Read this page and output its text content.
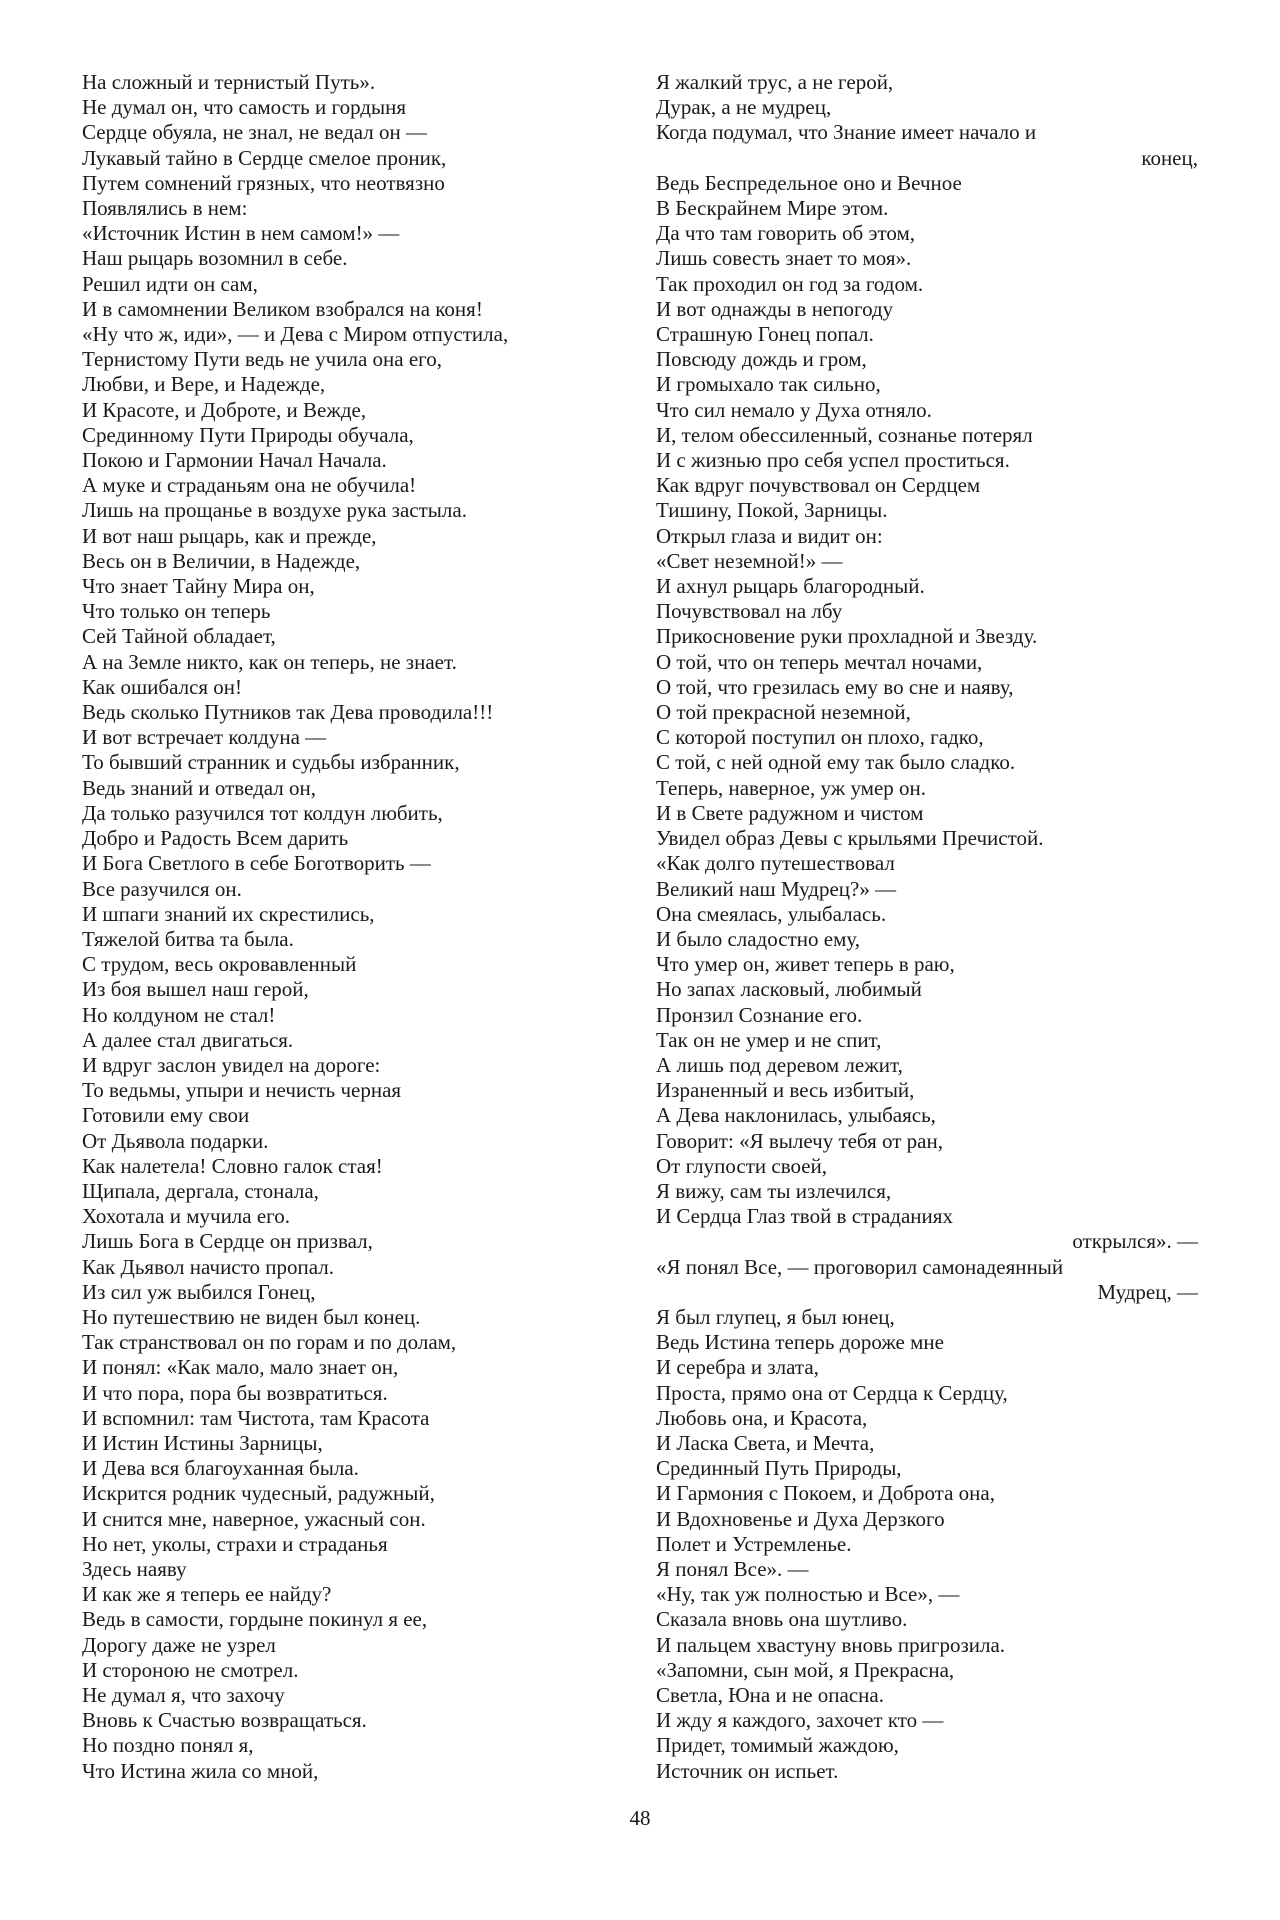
На сложный и тернистый Путь».
Не думал он, что самость и гордыня
Сердце обуяла, не знал, не ведал он —
Лукавый тайно в Сердце смелое проник,
Путем сомнений грязных, что неотвязно
Появлялись в нем:
«Источник Истин в нем самом!» —
Наш рыцарь возомнил в себе.
Решил идти он сам,
И в самомнении Великом взобрался на коня!
«Ну что ж, иди», — и Дева с Миром отпустила,
Тернистому Пути ведь не учила она его,
Любви, и Вере, и Надежде,
И Красоте, и Доброте, и Вежде,
Срединному Пути Природы обучала,
Покою и Гармонии Начал Начала.
А муке и страданьям она не обучила!
Лишь на прощанье в воздухе рука застыла.
И вот наш рыцарь, как и прежде,
Весь он в Величии, в Надежде,
Что знает Тайну Мира он,
Что только он теперь
Сей Тайной обладает,
А на Земле никто, как он теперь, не знает.
Как ошибался он!
Ведь сколько Путников так Дева проводила!!!
И вот встречает колдуна —
То бывший странник и судьбы избранник,
Ведь знаний и отведал он,
Да только разучился тот колдун любить,
Добро и Радость Всем дарить
И Бога Светлого в себе Боготворить —
Все разучился он.
И шпаги знаний их скрестились,
Тяжелой битва та была.
С трудом, весь окровавленный
Из боя вышел наш герой,
Но колдуном не стал!
А далее стал двигаться.
И вдруг заслон увидел на дороге:
То ведьмы, упыри и нечисть черная
Готовили ему свои
От Дьявола подарки.
Как налетела! Словно галок стая!
Щипала, дергала, стонала,
Хохотала и мучила его.
Лишь Бога в Сердце он призвал,
Как Дьявол начисто пропал.
Из сил уж выбился Гонец,
Но путешествию не виден был конец.
Так странствовал он по горам и по долам,
И понял: «Как мало, мало знает он,
И что пора, пора бы возвратиться.
И вспомнил: там Чистота, там Красота
И Истин Истины Зарницы,
И Дева вся благоуханная была.
Искрится родник чудесный, радужный,
И снится мне, наверное, ужасный сон.
Но нет, уколы, страхи и страданья
Здесь наяву
И как же я теперь ее найду?
Ведь в самости, гордыне покинул я ее,
Дорогу даже не узрел
И стороною не смотрел.
Не думал я, что захочу
Вновь к Счастью возвращаться.
Но поздно понял я,
Что Истина жила со мной,
Я жалкий трус, а не герой,
Дурак, а не мудрец,
Когда подумал, что Знание имеет начало и
конец,
Ведь Беспредельное оно и Вечное
В Бескрайнем Мире этом.
Да что там говорить об этом,
Лишь совесть знает то моя».
Так проходил он год за годом.
И вот однажды в непогоду
Страшную Гонец попал.
Повсюду дождь и гром,
И громыхало так сильно,
Что сил немало у Духа отняло.
И, телом обессиленный, сознанье потерял
И с жизнью про себя успел проститься.
Как вдруг почувствовал он Сердцем
Тишину, Покой, Зарницы.
Открыл глаза и видит он:
«Свет неземной!» —
И ахнул рыцарь благородный.
Почувствовал на лбу
Прикосновение руки прохладной и Звезду.
О той, что он теперь мечтал ночами,
О той, что грезилась ему во сне и наяву,
О той прекрасной неземной,
С которой поступил он плохо, гадко,
С той, с ней одной ему так было сладко.
Теперь, наверное, уж умер он.
И в Свете радужном и чистом
Увидел образ Девы с крыльями Пречистой.
«Как долго путешествовал
Великий наш Мудрец?» —
Она смеялась, улыбалась.
И было сладостно ему,
Что умер он, живет теперь в раю,
Но запах ласковый, любимый
Пронзил Сознание его.
Так он не умер и не спит,
А лишь под деревом лежит,
Израненный и весь избитый,
А Дева наклонилась, улыбаясь,
Говорит: «Я вылечу тебя от ран,
От глупости своей,
Я вижу, сам ты излечился,
И Сердца Глаз твой в страданиях
открылся». —
«Я понял Все, — проговорил самонадеянный
Мудрец, —
Я был глупец, я был юнец,
Ведь Истина теперь дороже мне
И серебра и злата,
Проста, прямо она от Сердца к Сердцу,
Любовь она, и Красота,
И Ласка Света, и Мечта,
Срединный Путь Природы,
И Гармония с Покоем, и Доброта она,
И Вдохновенье и Духа Дерзкого
Полет и Устремленье.
Я понял Все». —
«Ну, так уж полностью и Все», —
Сказала вновь она шутливо.
И пальцем хвастуну вновь пригрозила.
«Запомни, сын мой, я Прекрасна,
Светла, Юна и не опасна.
И жду я каждого, захочет кто —
Придет, томимый жаждою,
Источник он испьет.
48
